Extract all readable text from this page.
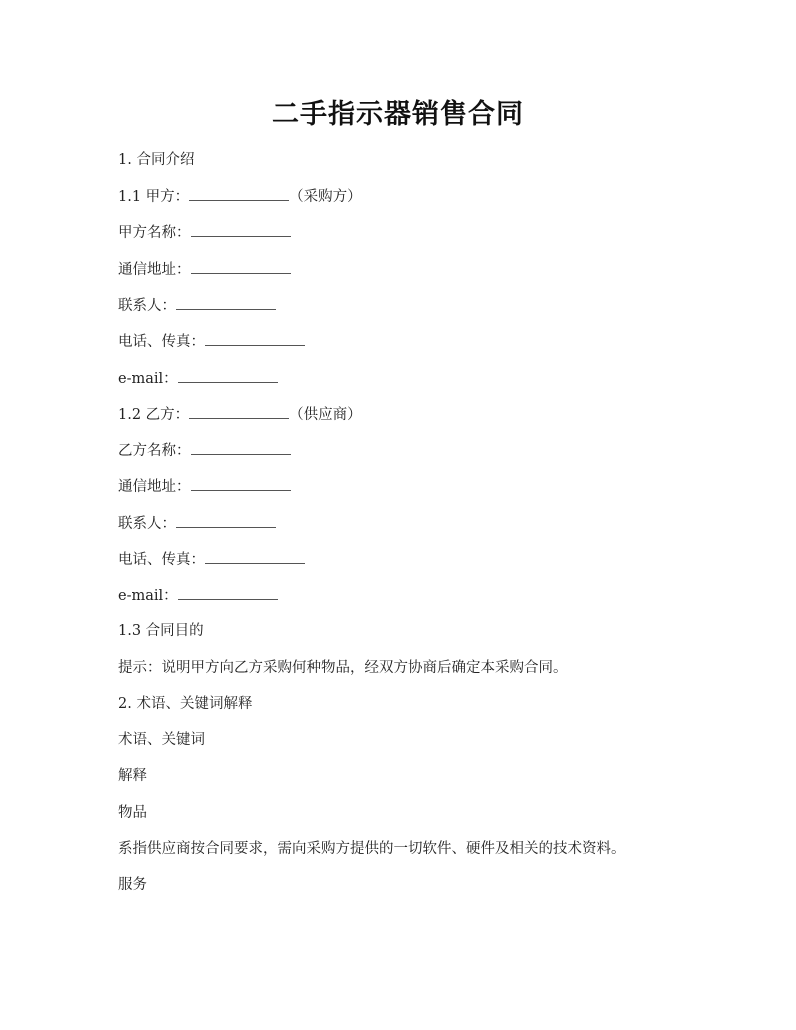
二手指示器销售合同
1. 合同介绍
1.1 甲方：	（采购方）
甲方名称：
通信地址：
联系人：
电话、传真：
e-mail：
1.2 乙方：	（供应商）
乙方名称：
通信地址：
联系人：
电话、传真：
e-mail：
1.3 合同目的
提示：说明甲方向乙方采购何种物品，经双方协商后确定本采购合同。
2. 术语、关键词解释
术语、关键词
解释
物品
系指供应商按合同要求，需向采购方提供的一切软件、硬件及相关的技术资料。
服务
